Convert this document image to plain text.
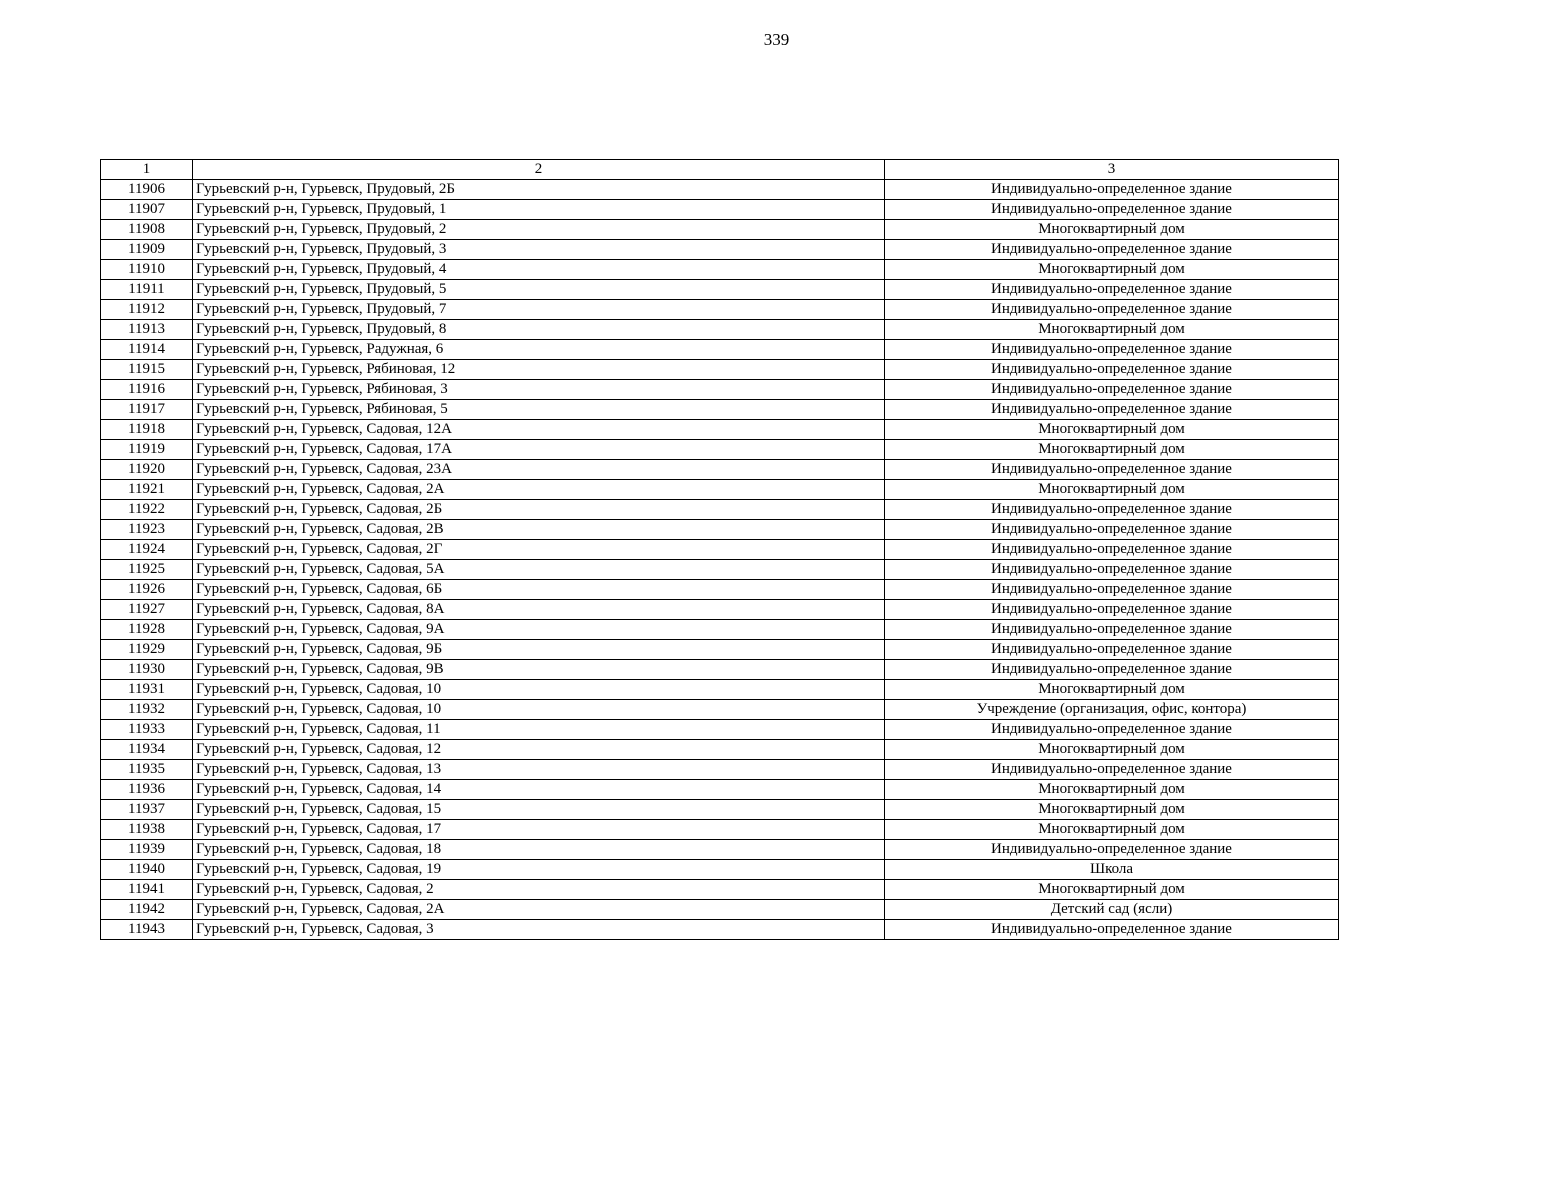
339
1	2	3
11906	Гурьевский р-н, Гурьевск, Прудовый, 2Б	Индивидуально-определенное здание
11907	Гурьевский р-н, Гурьевск, Прудовый, 1	Индивидуально-определенное здание
11908	Гурьевский р-н, Гурьевск, Прудовый, 2	Многоквартирный дом
11909	Гурьевский р-н, Гурьевск, Прудовый, 3	Индивидуально-определенное здание
11910	Гурьевский р-н, Гурьевск, Прудовый, 4	Многоквартирный дом
11911	Гурьевский р-н, Гурьевск, Прудовый, 5	Индивидуально-определенное здание
11912	Гурьевский р-н, Гурьевск, Прудовый, 7	Индивидуально-определенное здание
11913	Гурьевский р-н, Гурьевск, Прудовый, 8	Многоквартирный дом
11914	Гурьевский р-н, Гурьевск, Радужная, 6	Индивидуально-определенное здание
11915	Гурьевский р-н, Гурьевск, Рябиновая, 12	Индивидуально-определенное здание
11916	Гурьевский р-н, Гурьевск, Рябиновая, 3	Индивидуально-определенное здание
11917	Гурьевский р-н, Гурьевск, Рябиновая, 5	Индивидуально-определенное здание
11918	Гурьевский р-н, Гурьевск, Садовая, 12А	Многоквартирный дом
11919	Гурьевский р-н, Гурьевск, Садовая, 17А	Многоквартирный дом
11920	Гурьевский р-н, Гурьевск, Садовая, 23А	Индивидуально-определенное здание
11921	Гурьевский р-н, Гурьевск, Садовая, 2А	Многоквартирный дом
11922	Гурьевский р-н, Гурьевск, Садовая, 2Б	Индивидуально-определенное здание
11923	Гурьевский р-н, Гурьевск, Садовая, 2В	Индивидуально-определенное здание
11924	Гурьевский р-н, Гурьевск, Садовая, 2Г	Индивидуально-определенное здание
11925	Гурьевский р-н, Гурьевск, Садовая, 5А	Индивидуально-определенное здание
11926	Гурьевский р-н, Гурьевск, Садовая, 6Б	Индивидуально-определенное здание
11927	Гурьевский р-н, Гурьевск, Садовая, 8А	Индивидуально-определенное здание
11928	Гурьевский р-н, Гурьевск, Садовая, 9А	Индивидуально-определенное здание
11929	Гурьевский р-н, Гурьевск, Садовая, 9Б	Индивидуально-определенное здание
11930	Гурьевский р-н, Гурьевск, Садовая, 9В	Индивидуально-определенное здание
11931	Гурьевский р-н, Гурьевск, Садовая, 10	Многоквартирный дом
11932	Гурьевский р-н, Гурьевск, Садовая, 10	Учреждение (организация, офис, контора)
11933	Гурьевский р-н, Гурьевск, Садовая, 11	Индивидуально-определенное здание
11934	Гурьевский р-н, Гурьевск, Садовая, 12	Многоквартирный дом
11935	Гурьевский р-н, Гурьевск, Садовая, 13	Индивидуально-определенное здание
11936	Гурьевский р-н, Гурьевск, Садовая, 14	Многоквартирный дом
11937	Гурьевский р-н, Гурьевск, Садовая, 15	Многоквартирный дом
11938	Гурьевский р-н, Гурьевск, Садовая, 17	Многоквартирный дом
11939	Гурьевский р-н, Гурьевск, Садовая, 18	Индивидуально-определенное здание
11940	Гурьевский р-н, Гурьевск, Садовая, 19	Школа
11941	Гурьевский р-н, Гурьевск, Садовая, 2	Многоквартирный дом
11942	Гурьевский р-н, Гурьевск, Садовая, 2А	Детский сад (ясли)
11943	Гурьевский р-н, Гурьевск, Садовая, 3	Индивидуально-определенное здание
